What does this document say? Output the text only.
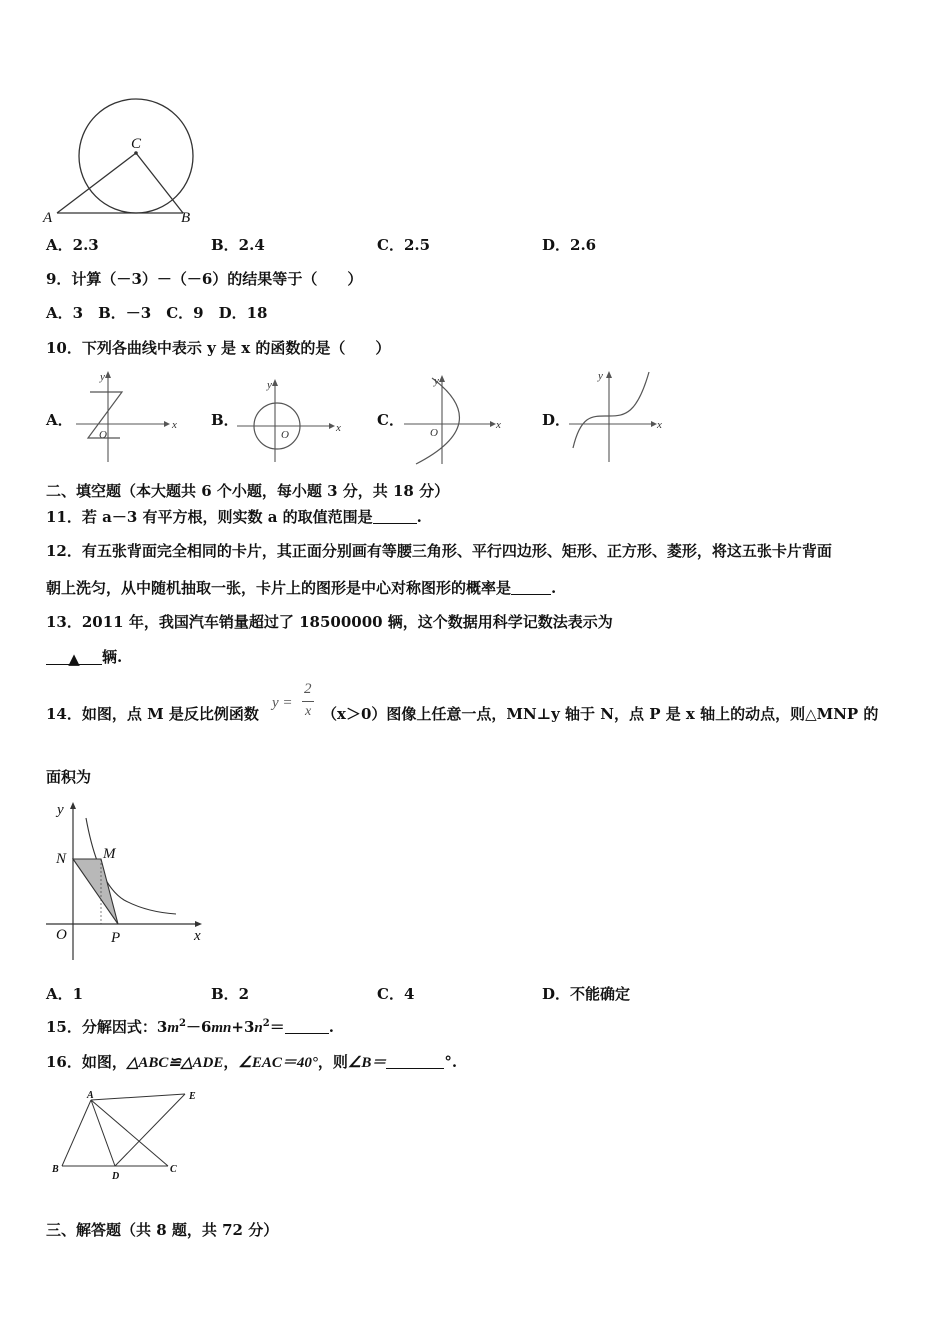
C
A	B
A．2.3	B．2.4	C．2.5	D．2.6
9．计算（－3）－（－6）的结果等于（　　）
A．3　B．－3　C．9　D．18
10．下列各曲线中表示 y 是 x 的函数的是（　　）
A．	B．	C．	D．
y
x
O
y
x
O
y
x
O
y
x
二、填空题（本大题共 6 个小题，每小题 3 分，共 18 分）
11．若 a－3 有平方根，则实数 a 的取值范围是	.
12．有五张背面完全相同的卡片，其正面分别画有等腰三角形、平行四边形、矩形、正方形、菱形，将这五张卡片背面
朝上洗匀，从中随机抽取一张，卡片上的图形是中心对称图形的概率是	.
13．2011 年，我国汽车销量超过了 18500000 辆，这个数据用科学记数法表示为
▲ 辆.
14．如图，点 M 是反比例函数
y =
2
x （x＞0）图像上任意一点，MN⊥y 轴于 N，点 P 是 x 轴上的动点，则△MNP 的
面积为
y
N M
O	P	x
A．1	B．2	C．4	D．不能确定
15．分解因式：$3m^2-6mn+3n^2=$	.
16．如图，△ABC≌△ADE，∠EAC＝40°，则∠B＝	°.
A	E
B
D
C
三、解答题（共 8 题，共 72 分）
